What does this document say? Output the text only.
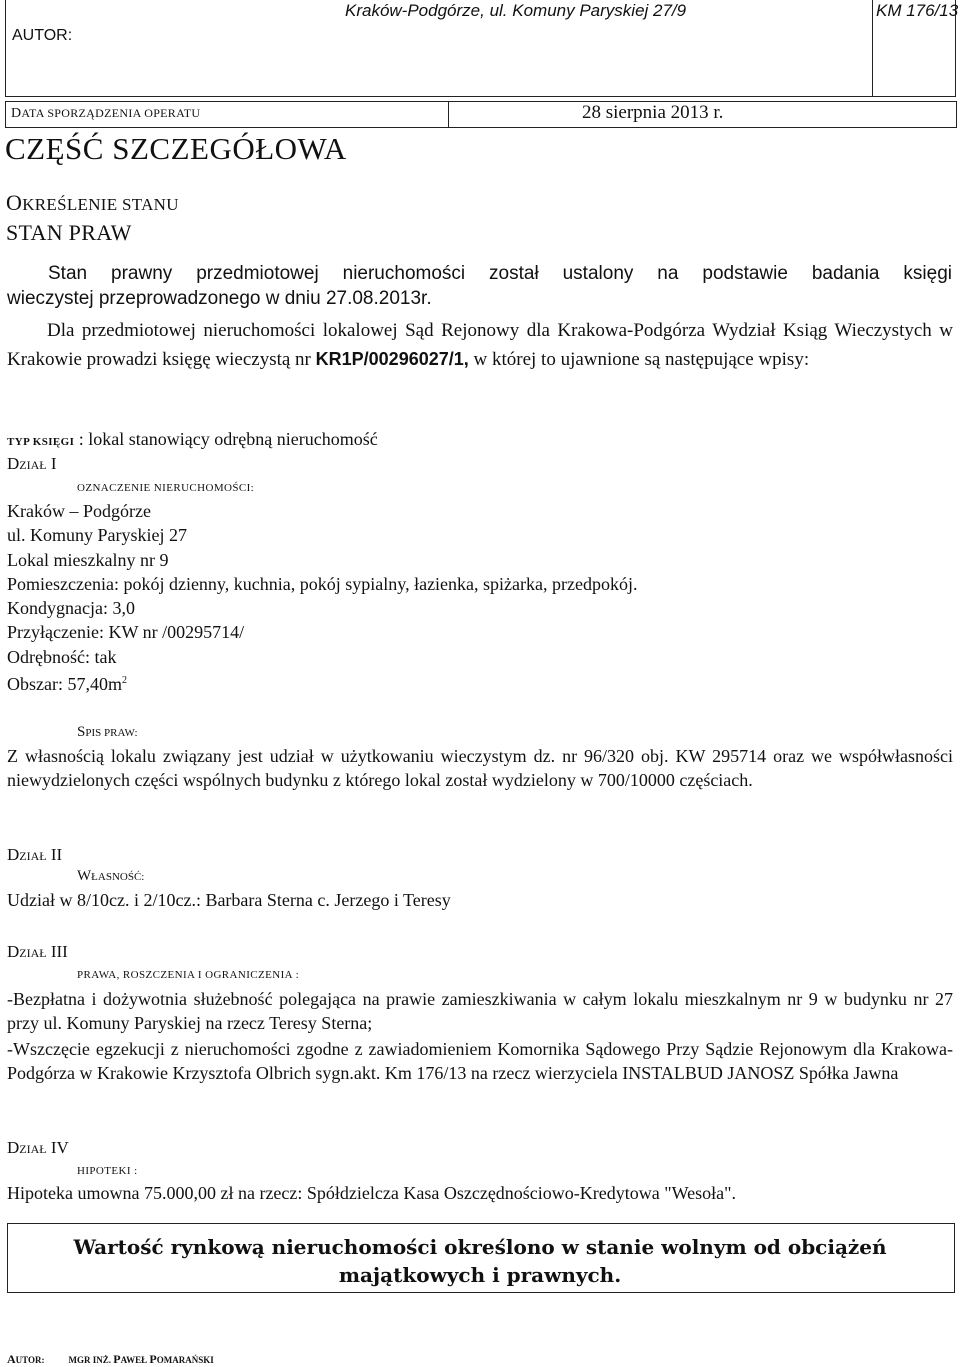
Kraków-Podgórze, ul. Komuny Paryskiej 27/9	KM 176/13
AUTOR:
DATA SPORZĄDZENIA OPERATU	28 sierpnia 2013 r.
CZĘŚĆ SZCZEGÓŁOWA
OKREŚLENIE STANU
STAN PRAW
Stan prawny przedmiotowej nieruchomości został ustalony na podstawie badania księgi
wieczystej przeprowadzonego w dniu 27.08.2013r.
Dla przedmiotowej nieruchomości lokalowej Sąd Rejonowy dla Krakowa-Podgórza Wydział Ksiąg Wieczystych w Krakowie prowadzi księgę wieczystą nr KR1P/00296027/1, w której to ujawnione są następujące wpisy:
TYP KSIĘGI : lokal stanowiący odrębną nieruchomość
DZIAŁ I
OZNACZENIE NIERUCHOMOŚCI:
Kraków – Podgórze
ul. Komuny Paryskiej 27
Lokal mieszkalny nr 9
Pomieszczenia: pokój dzienny, kuchnia, pokój sypialny, łazienka, spiżarka, przedpokój.
Kondygnacja: 3,0
Przyłączenie: KW nr /00295714/
Odrębność: tak
Obszar: $57,40m^2$
SPIS PRAW:
Z własnością lokalu związany jest udział w użytkowaniu wieczystym dz. nr 96/320 obj. KW 295714 oraz we współwłasności niewydzielonych części wspólnych budynku z którego lokal został wydzielony w 700/10000 częściach.
DZIAŁ II
WŁASNOŚĆ:
Udział w 8/10cz. i 2/10cz.: Barbara Sterna c. Jerzego i Teresy
DZIAŁ III
PRAWA, ROSZCZENIA I OGRANICZENIA :
-Bezpłatna i dożywotnia służebność polegająca na prawie zamieszkiwania w całym lokalu mieszkalnym nr 9 w budynku nr 27 przy ul. Komuny Paryskiej na rzecz Teresy Sterna;
-Wszczęcie egzekucji z nieruchomości zgodne z zawiadomieniem Komornika Sądowego Przy Sądzie Rejonowym dla Krakowa-Podgórza w Krakowie Krzysztofa Olbrich sygn.akt. Km 176/13 na rzecz wierzyciela INSTALBUD JANOSZ Spółka Jawna
DZIAŁ IV
HIPOTEKI :
Hipoteka umowna 75.000,00 zł na rzecz: Spółdzielcza Kasa Oszczędnościowo-Kredytowa "Wesoła".
Wartość rynkową nieruchomości określono w stanie wolnym od obciążeń majątkowych i prawnych.
AUTOR:	MGR INŻ. PAWEŁ POMARAŃSKI
